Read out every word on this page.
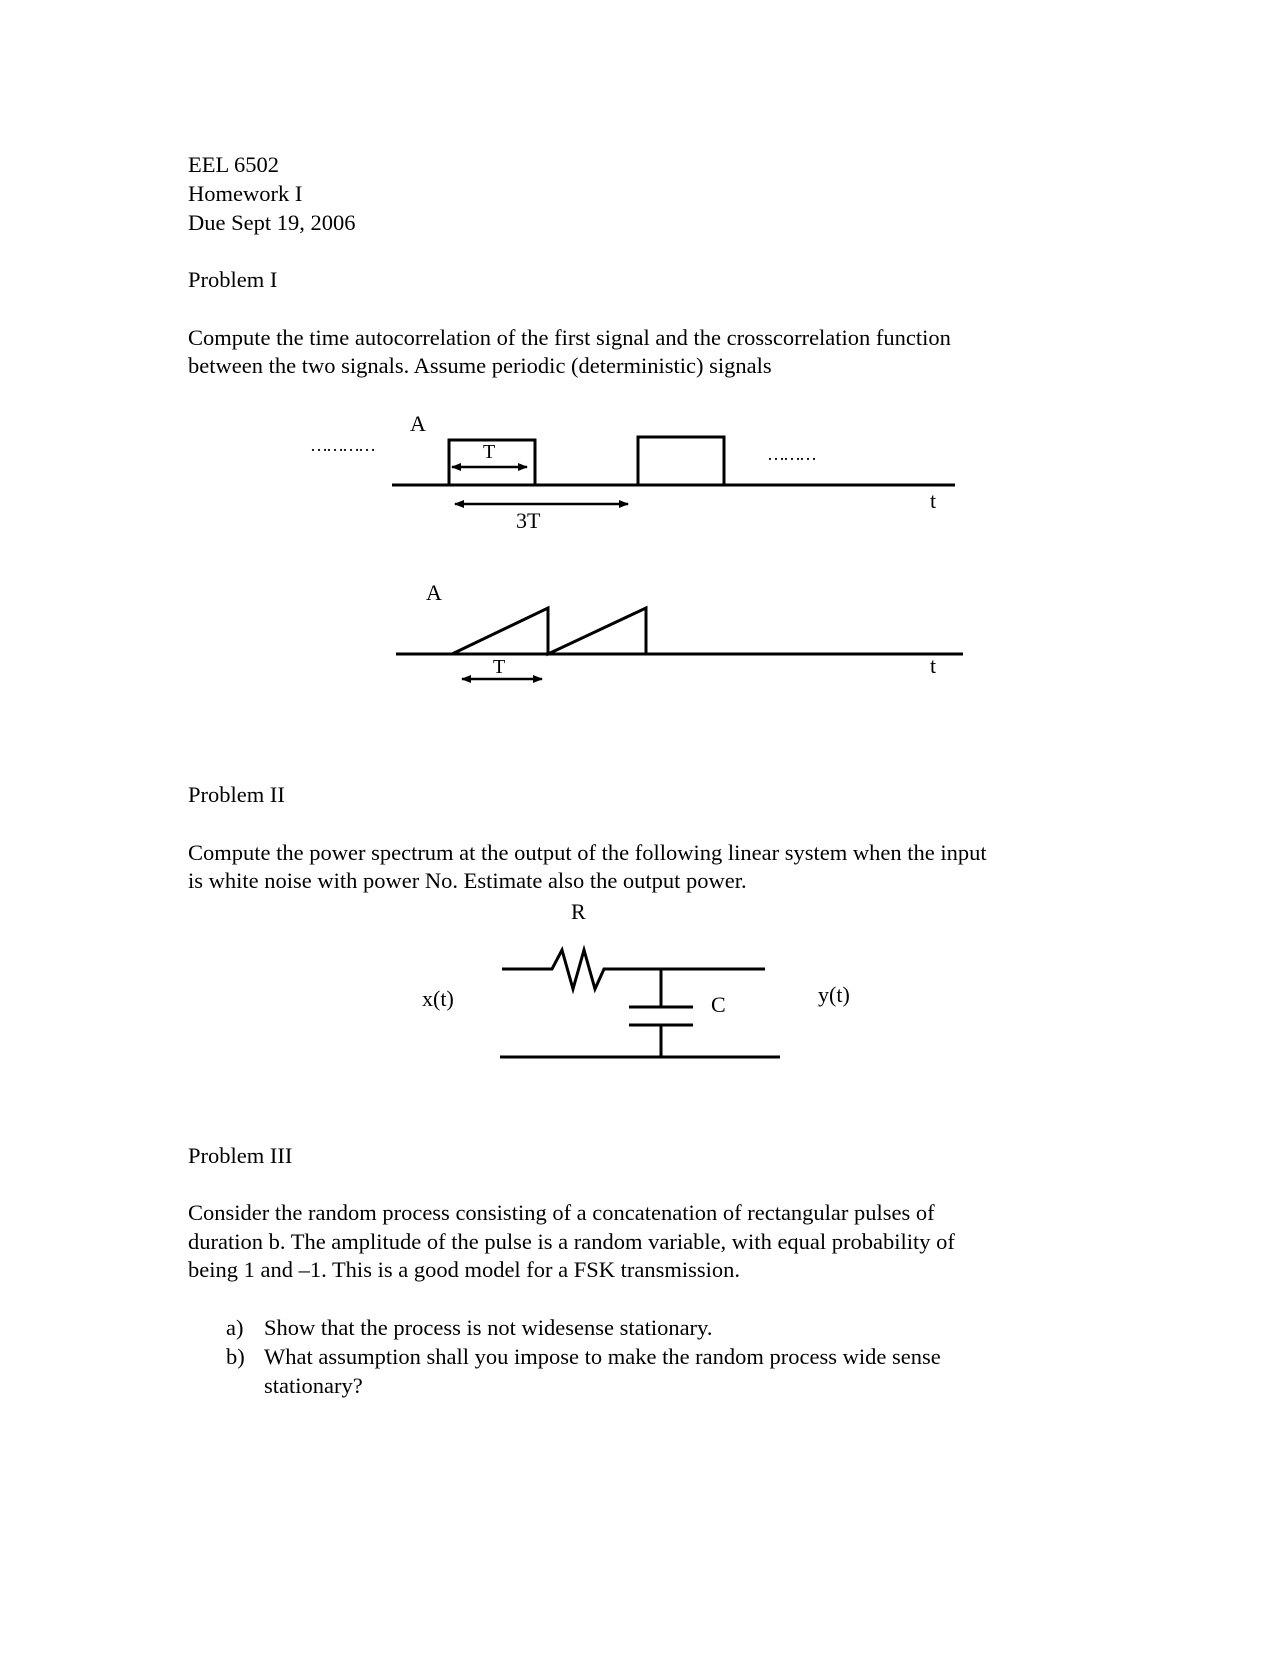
EEL 6502
Homework I
Due Sept 19, 2006
Problem I
Compute the time autocorrelation of the first signal and the crosscorrelation function
between the two signals. Assume periodic (deterministic) signals
A
…………	………
T
3T
t
A
T	t
Problem II
Compute the power spectrum at the output of the following linear system when the input
is white noise with power No. Estimate also the output power.
R
C
x(t)	y(t)
Problem III
Consider the random process consisting of a concatenation of rectangular pulses of
duration b. The amplitude of the pulse is a random variable, with equal probability of
being 1 and –1. This is a good model for a FSK transmission.
a) Show that the process is not widesense stationary.
b) What assumption shall you impose to make the random process wide sense
stationary?
